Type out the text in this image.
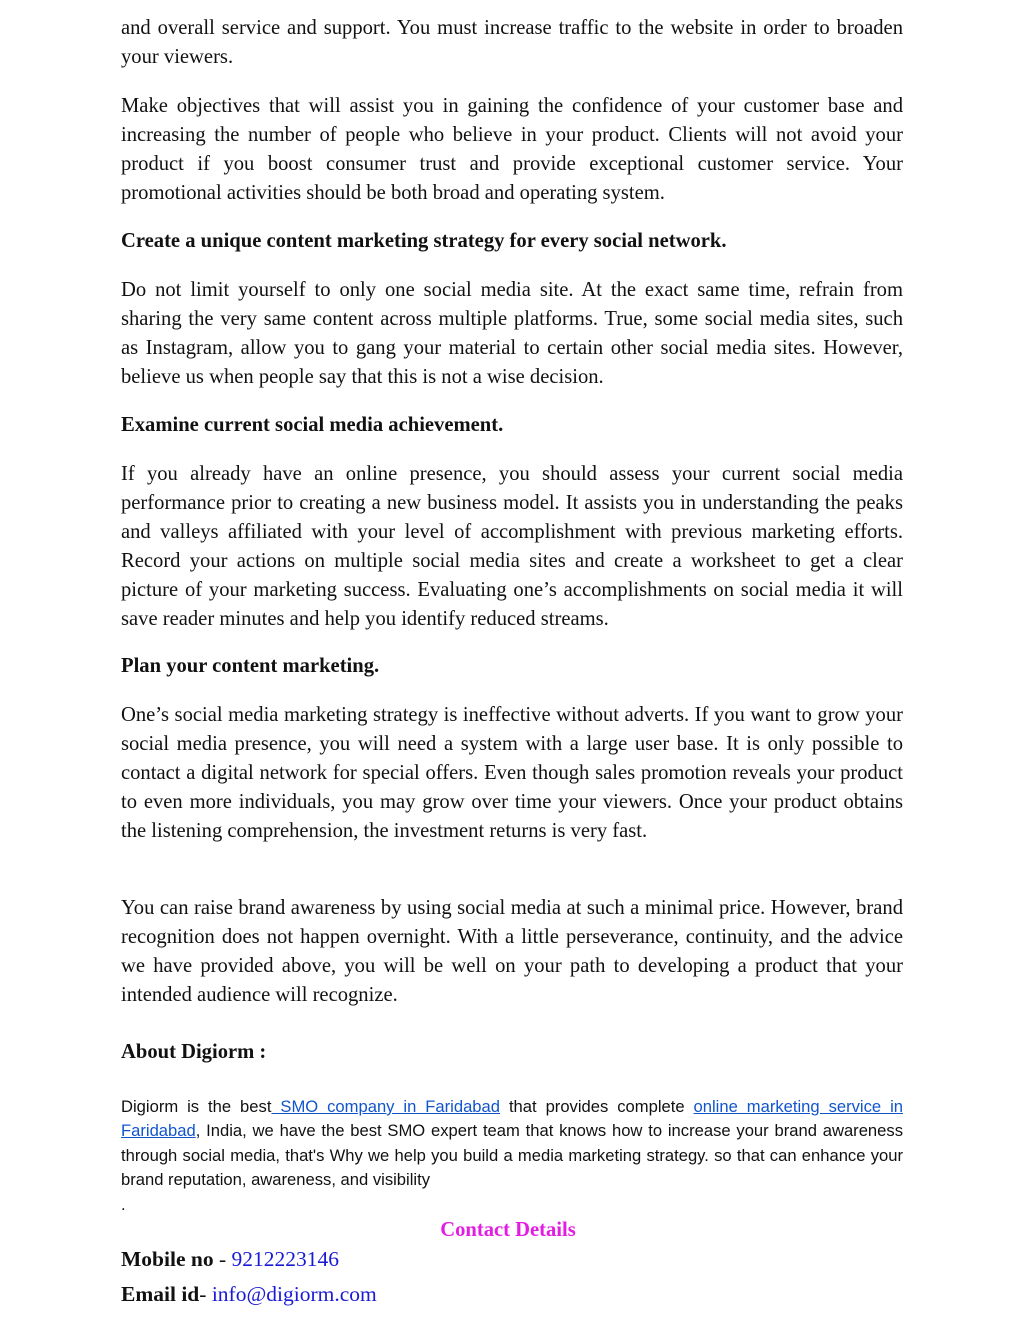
and overall service and support. You must increase traffic to the website in order to broaden your viewers.

Make objectives that will assist you in gaining the confidence of your customer base and increasing the number of people who believe in your product. Clients will not avoid your product if you boost consumer trust and provide exceptional customer service. Your promotional activities should be both broad and operating system.

Create a unique content marketing strategy for every social network.

Do not limit yourself to only one social media site. At the exact same time, refrain from sharing the very same content across multiple platforms. True, some social media sites, such as Instagram, allow you to gang your material to certain other social media sites. However, believe us when people say that this is not a wise decision.

Examine current social media achievement.

If you already have an online presence, you should assess your current social media performance prior to creating a new business model. It assists you in understanding the peaks and valleys affiliated with your level of accomplishment with previous marketing efforts. Record your actions on multiple social media sites and create a worksheet to get a clear picture of your marketing success. Evaluating one’s accomplishments on social media it will save reader minutes and help you identify reduced streams.

Plan your content marketing.

One’s social media marketing strategy is ineffective without adverts. If you want to grow your social media presence, you will need a system with a large user base. It is only possible to contact a digital network for special offers. Even though sales promotion reveals your product to even more individuals, you may grow over time your viewers. Once your product obtains the listening comprehension, the investment returns is very fast.

You can raise brand awareness by using social media at such a minimal price. However, brand recognition does not happen overnight. With a little perseverance, continuity, and the advice we have provided above, you will be well on your path to developing a product that your intended audience will recognize.

About Digiorm :

Digiorm is the best SMO company in Faridabad that provides complete online marketing service in Faridabad, India, we have the best SMO expert team that knows how to increase your brand awareness through social media, that's Why we help you build a media marketing strategy. so that can enhance your brand reputation, awareness, and visibility

.

Contact Details

Mobile no - 9212223146

Email id- info@digiorm.com
